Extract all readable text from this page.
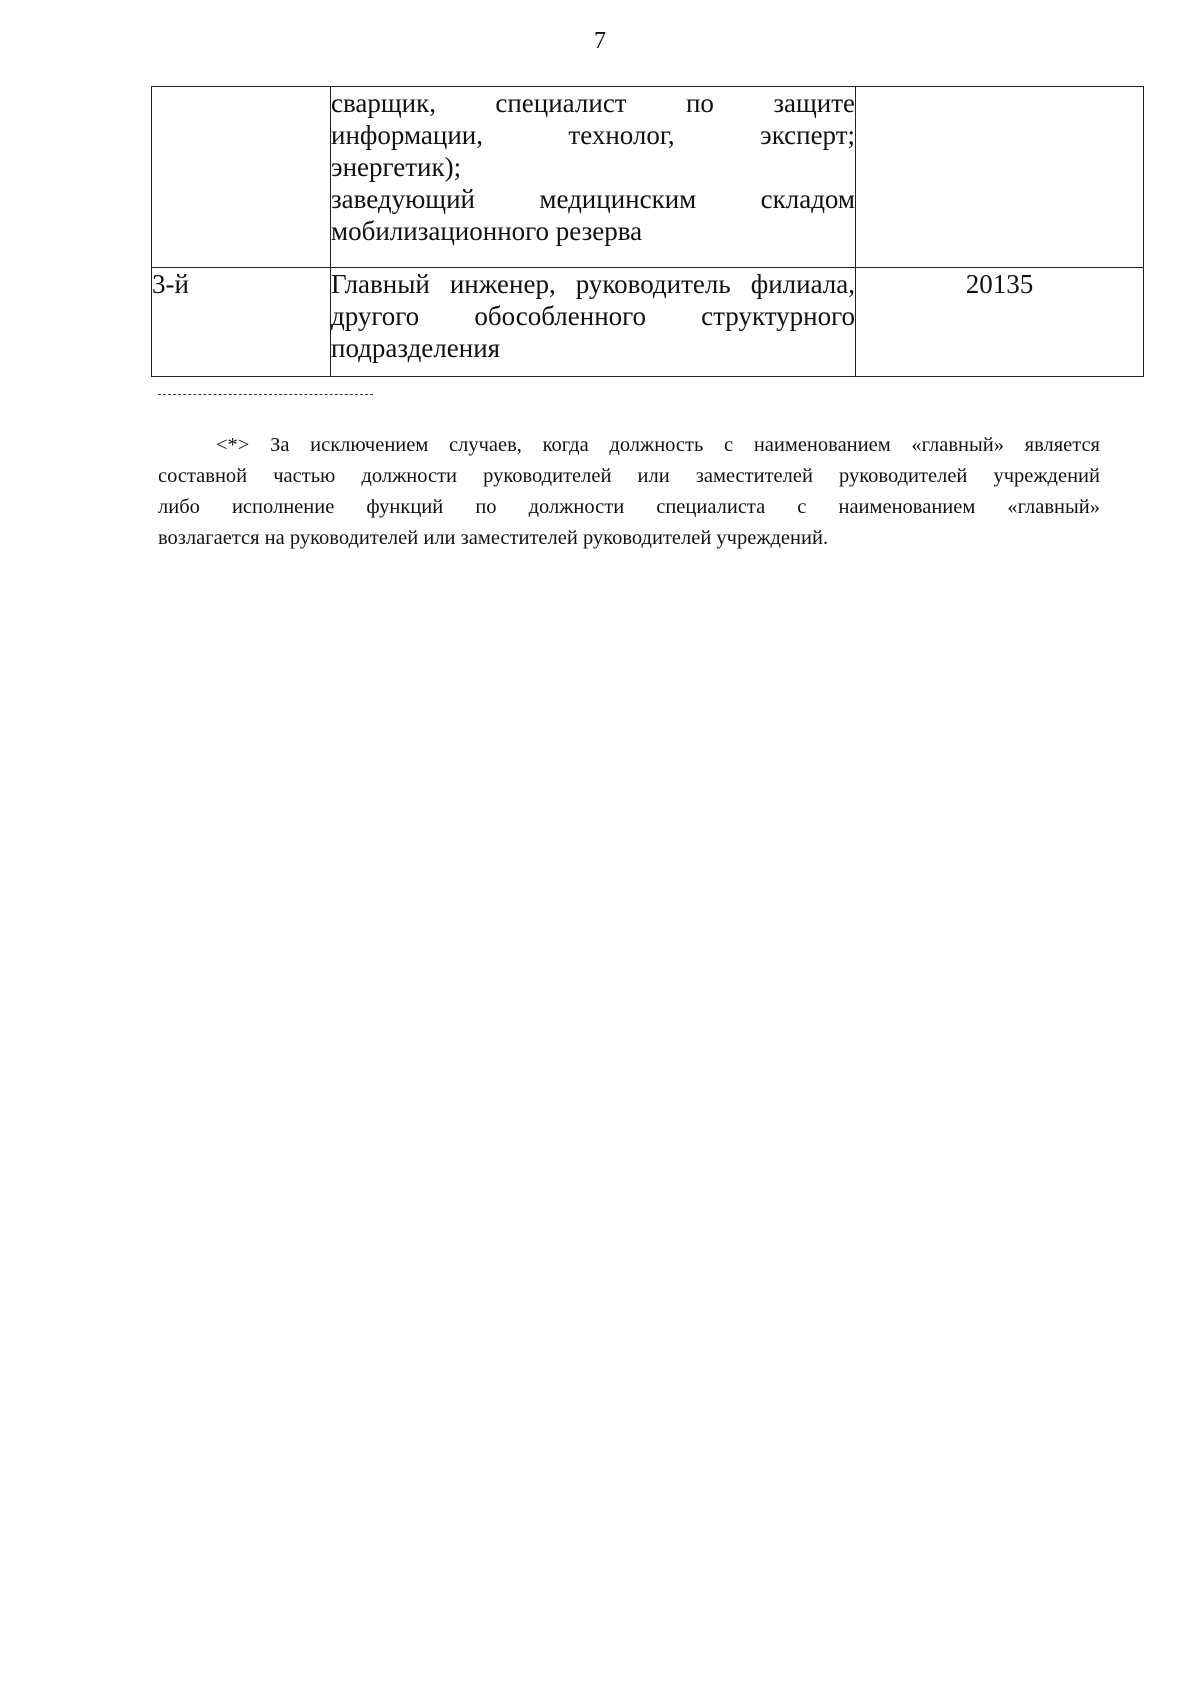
7

	сварщик, специалист по защите
информации, технолог, эксперт;
энергетик);
заведующий медицинским складом
мобилизационного резерва	

3-й	Главный инженер, руководитель филиала,
другого обособленного структурного
подразделения	20135
<*> За исключением случаев, когда должность с наименованием «главный» является
составной частью должности руководителей или заместителей руководителей учреждений
либо исполнение функций по должности специалиста с наименованием «главный»
возлагается на руководителей или заместителей руководителей учреждений.
